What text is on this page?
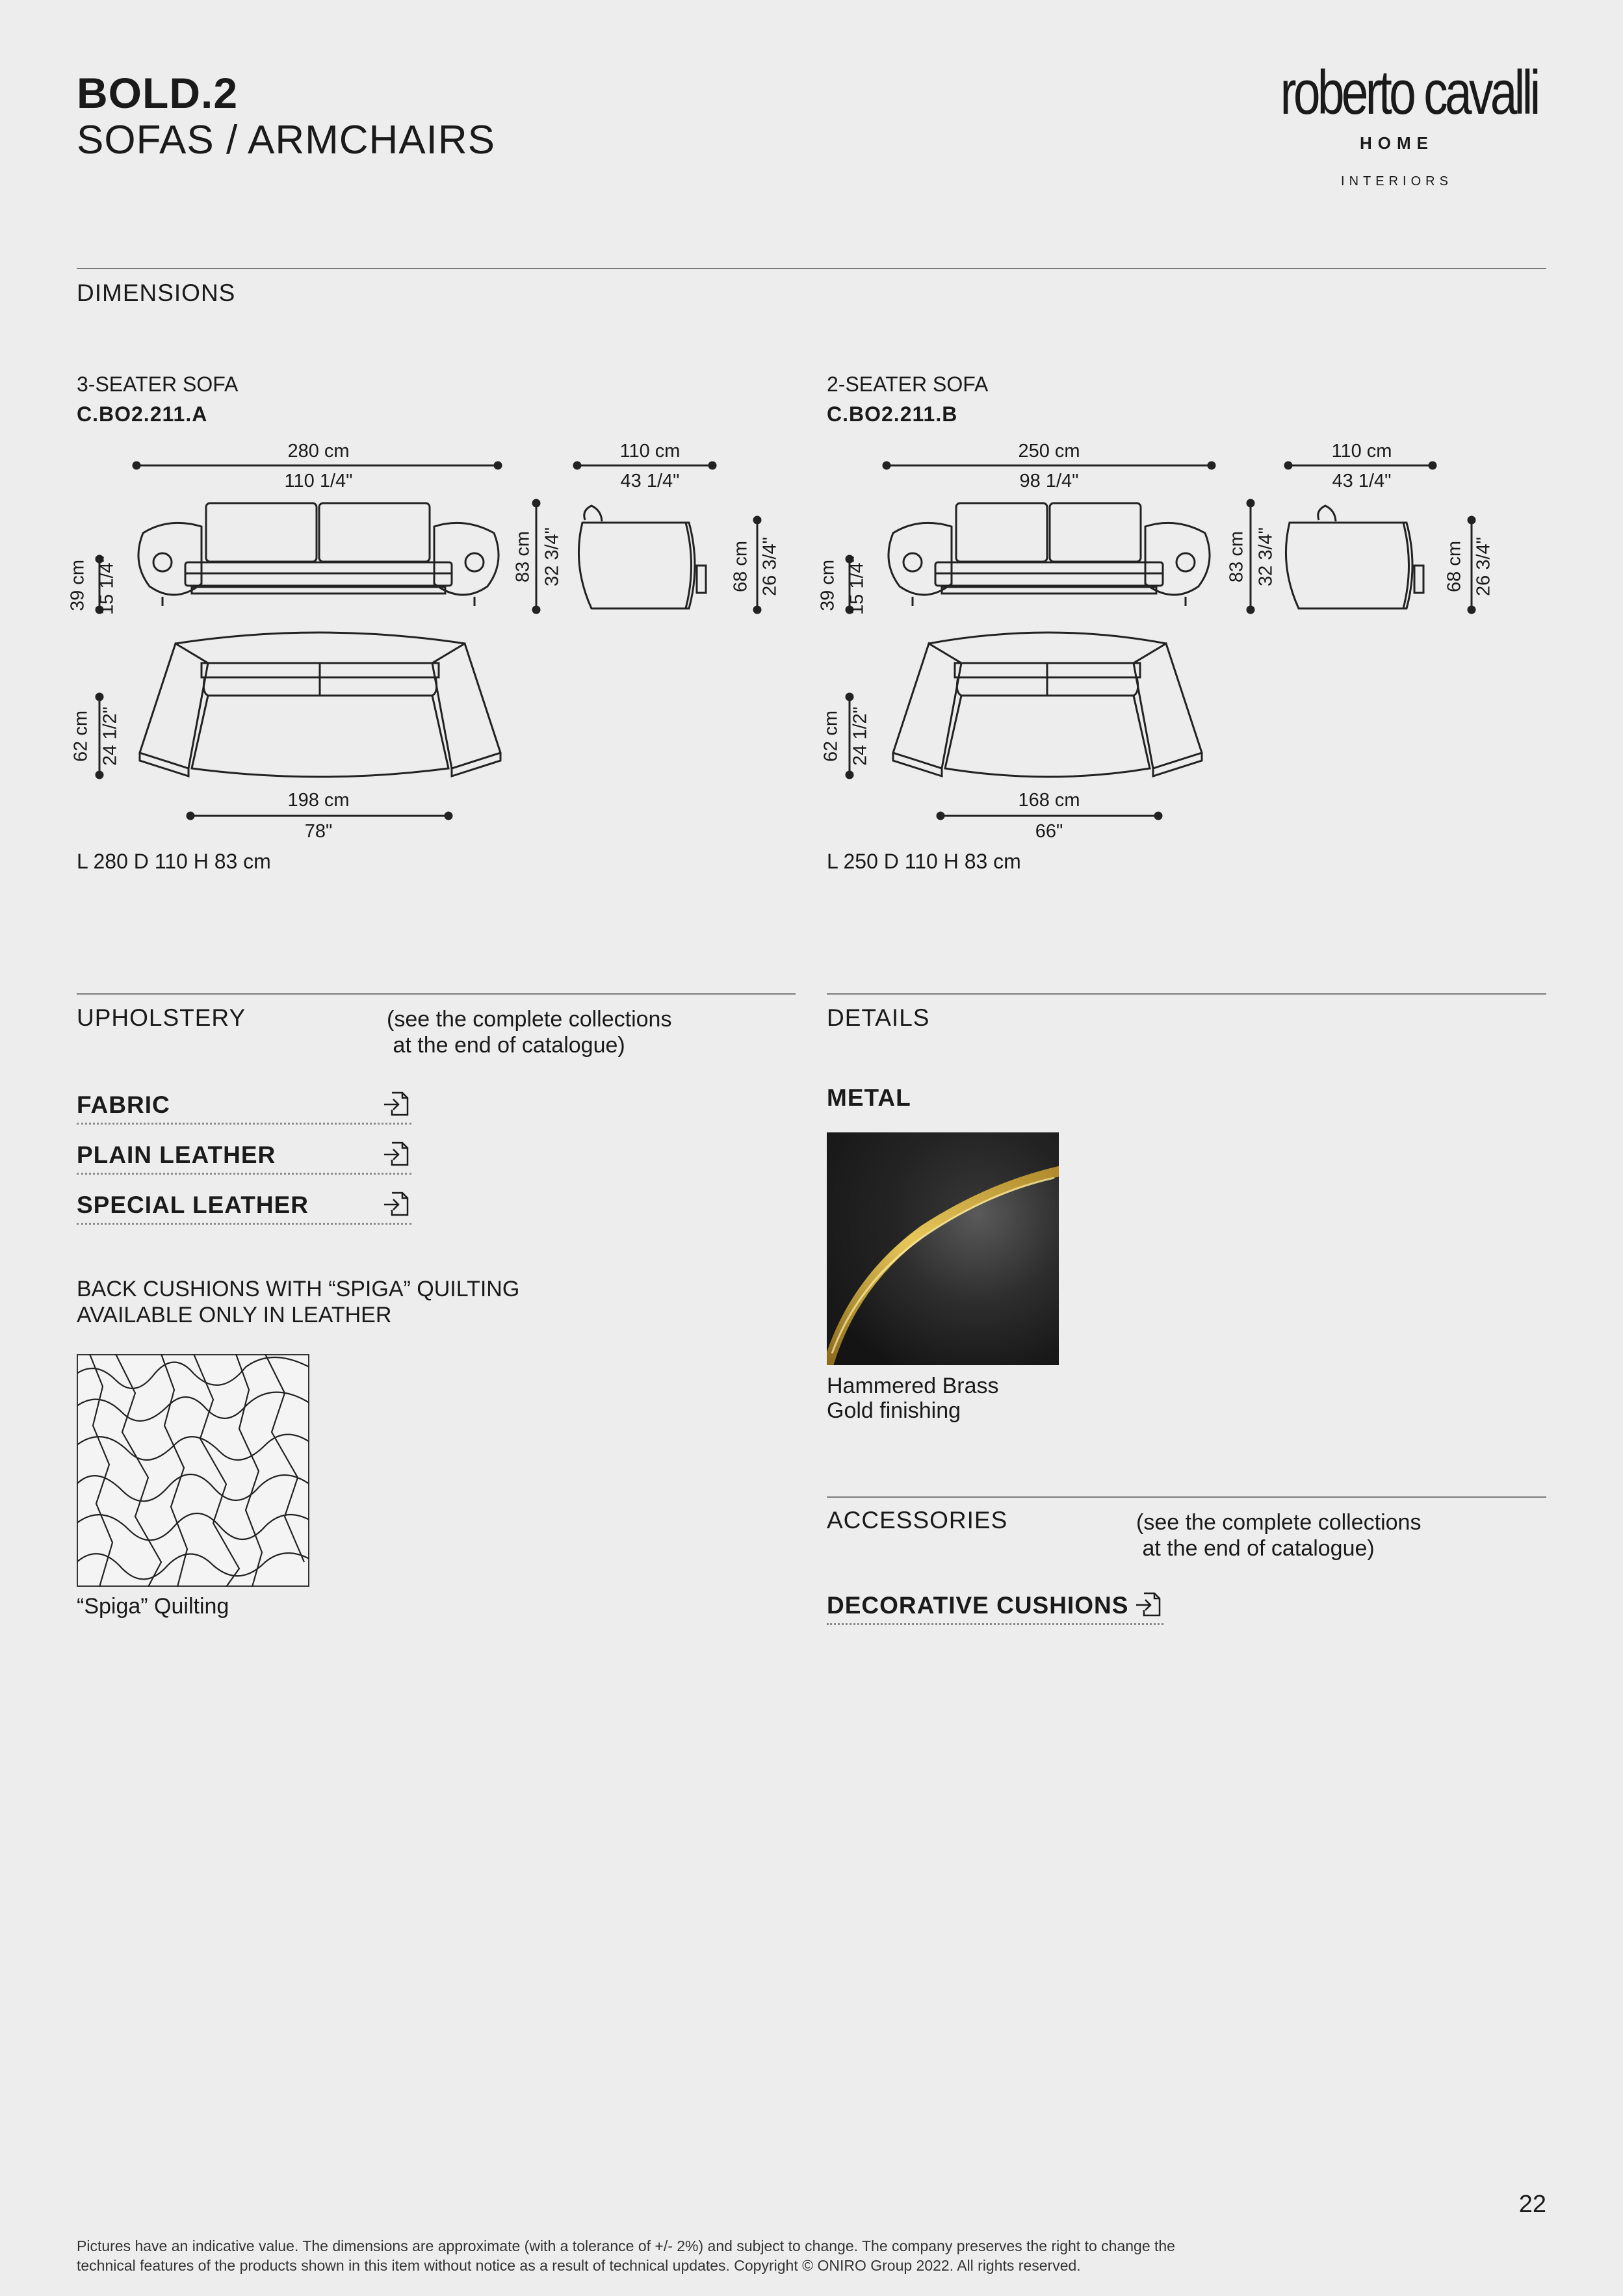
BOLD.2
SOFAS / ARMCHAIRS
roberto cavalli
HOME
INTERIORS
DIMENSIONS
3-SEATER SOFA
C.BO2.211.A
280 cm
110 1/4"
110 cm
43 1/4"
83 cm 32 3/4"
39 cm 15 1/4"	68 cm 26 3/4"
62 cm 24 1/2"
198 cm
78"
L 280 D 110 H 83 cm
2-SEATER SOFA
C.BO2.211.B
250 cm
98 1/4"
110 cm
43 1/4"
83 cm 32 3/4"
39 cm 15 1/4"	68 cm 26 3/4"
62 cm 24 1/2"
168 cm
66"
L 250 D 110 H 83 cm
UPHOLSTERY	(see the complete collections
at the end of catalogue)
FABRIC
PLAIN LEATHER
SPECIAL LEATHER
BACK CUSHIONS WITH “SPIGA” QUILTING
AVAILABLE ONLY IN LEATHER
“Spiga” Quilting
DETAILS
METAL
Hammered Brass
Gold finishing
ACCESSORIES	(see the complete collections
at the end of catalogue)
DECORATIVE CUSHIONS
22
Pictures have an indicative value. The dimensions are approximate (with a tolerance of +/- 2%) and subject to change. The company preserves the right to change the
technical features of the products shown in this item without notice as a result of technical updates. Copyright © ONIRO Group 2022. All rights reserved.
